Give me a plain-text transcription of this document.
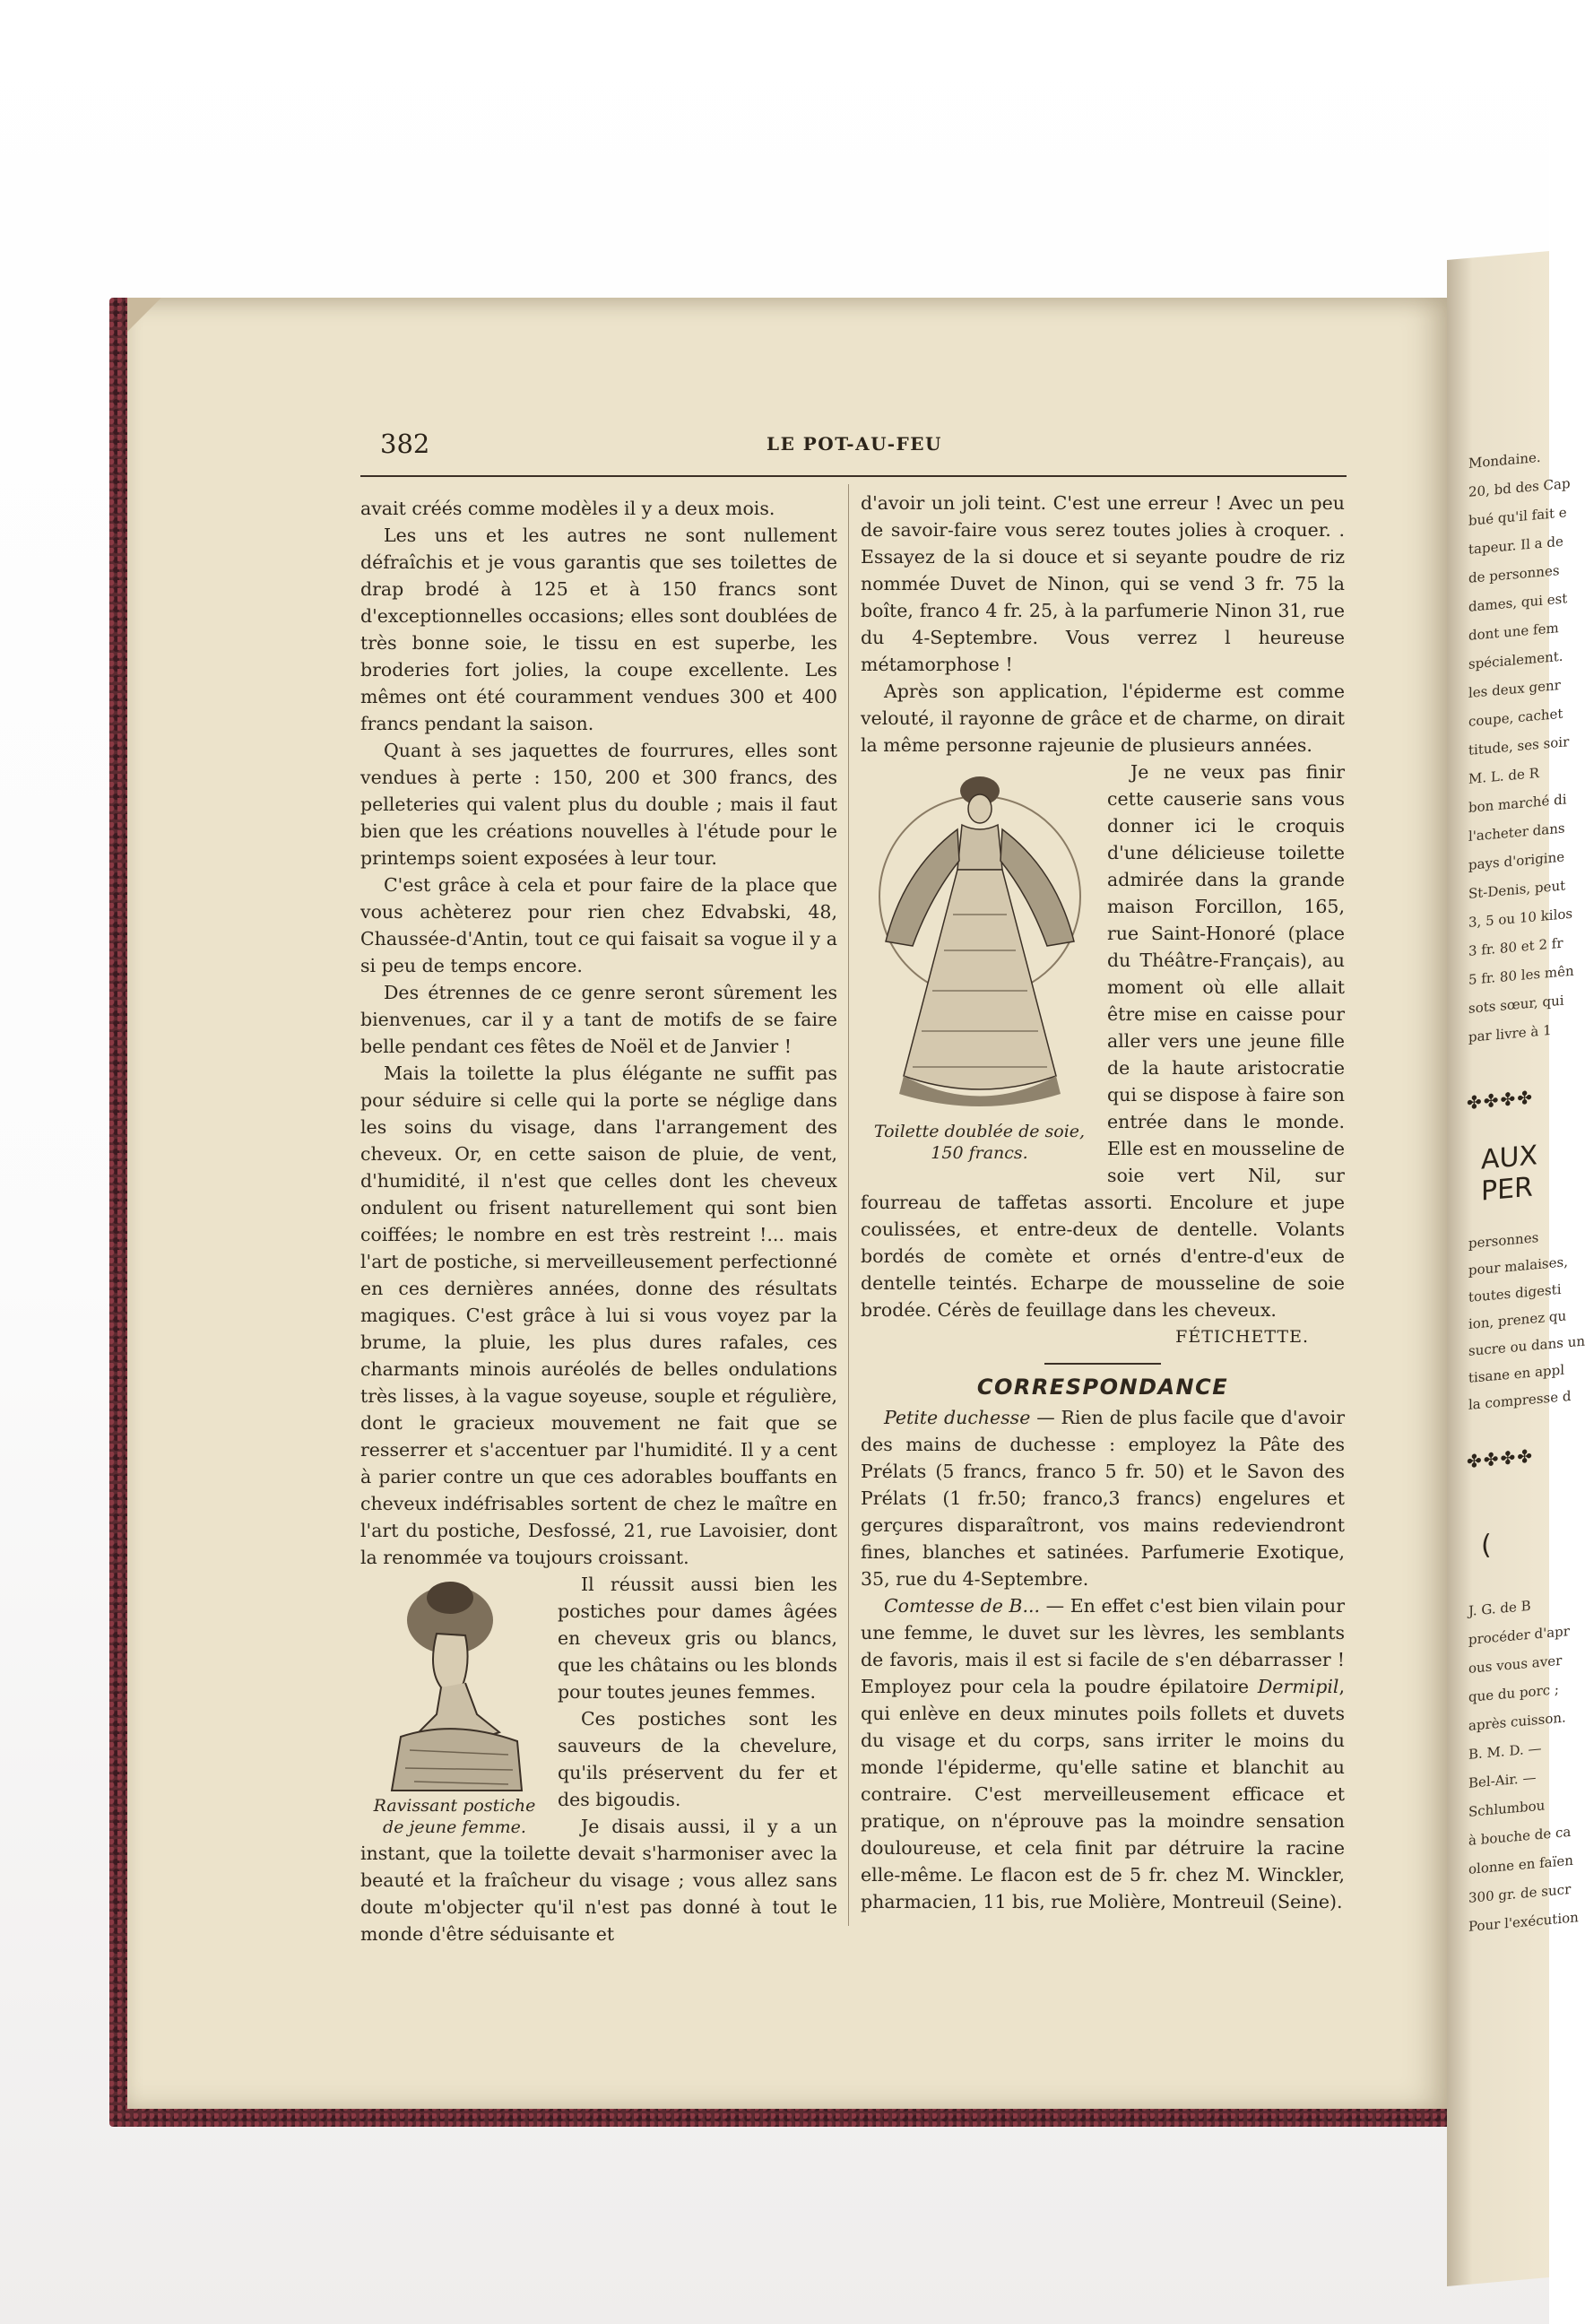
Mondaine.
20, bd des Cap
bué qu'il fait e
tapeur. Il a de
de personnes
dames, qui est
dont une fem
spécialement.
les deux genr
coupe, cachet
titude, ses soir
M. L. de R
bon marché di
l'acheter dans
pays d'origine
St-Denis, peut
3, 5 ou 10 kilos
3 fr. 80 et 2 fr
5 fr. 80 les mên
sots sœur, qui
par livre à 1
✤✤✤✤
AUX PER
personnes
pour malaises,
toutes digesti
ion, prenez qu
sucre ou dans un
tisane en appl
la compresse d
✤✤✤✤
(
J. G. de B
procéder d'apr
ous vous aver
que du porc ;
après cuisson.
B. M. D. —
Bel-Air. —
Schlumbou
à bouche de ca
olonne en faïen
300 gr. de sucr
Pour l'exécution
382	LE POT-AU-FEU

avait créés comme modèles il y a deux mois.

Les uns et les autres ne sont nullement défraîchis et je vous garantis que ses toilettes de drap brodé à 125 et à 150 francs sont d'exceptionnelles occasions; elles sont doublées de très bonne soie, le tissu en est superbe, les broderies fort jolies, la coupe excellente. Les mêmes ont été couramment vendues 300 et 400 francs pendant la saison.

Quant à ses jaquettes de fourrures, elles sont vendues à perte : 150, 200 et 300 francs, des pelleteries qui valent plus du double ; mais il faut bien que les créations nouvelles à l'étude pour le printemps soient exposées à leur tour.

C'est grâce à cela et pour faire de la place que vous achèterez pour rien chez Edvabski, 48, Chaussée-d'Antin, tout ce qui faisait sa vogue il y a si peu de temps encore.

Des étrennes de ce genre seront sûrement les bienvenues, car il y a tant de motifs de se faire belle pendant ces fêtes de Noël et de Janvier !

Mais la toilette la plus élégante ne suffit pas pour séduire si celle qui la porte se néglige dans les soins du visage, dans l'arrangement des cheveux. Or, en cette saison de pluie, de vent, d'humidité, il n'est que celles dont les cheveux ondulent ou frisent naturellement qui sont bien coiffées; le nombre en est très restreint !... mais l'art de postiche, si merveilleusement perfectionné en ces dernières années, donne des résultats magiques. C'est grâce à lui si vous voyez par la brume, la pluie, les plus dures rafales, ces charmants minois auréolés de belles ondulations très lisses, à la vague soyeuse, souple et régulière, dont le gracieux mouvement ne fait que se resserrer et s'accentuer par l'humidité. Il y a cent à parier contre un que ces adorables bouffants en cheveux indéfrisables sortent de chez le maître en l'art du postiche, Desfossé, 21, rue Lavoisier, dont la renommée va toujours croissant.

Ravissant postiche de jeune femme.

Il réussit aussi bien les postiches pour dames âgées en cheveux gris ou blancs, que les châtains ou les blonds pour toutes jeunes femmes.

Ces postiches sont les sauveurs de la chevelure, qu'ils préservent du fer et des bigoudis.

Je disais aussi, il y a un instant, que la toilette devait s'harmoniser avec la beauté et la fraîcheur du visage ; vous allez sans doute m'objecter qu'il n'est pas donné à tout le monde d'être séduisante et

d'avoir un joli teint. C'est une erreur ! Avec un peu de savoir-faire vous serez toutes jolies à croquer. . Essayez de la si douce et si seyante poudre de riz nommée Duvet de Ninon, qui se vend 3 fr. 75 la boîte, franco 4 fr. 25, à la parfumerie Ninon 31, rue du 4-Septembre. Vous verrez l heureuse métamorphose !

Après son application, l'épiderme est comme velouté, il rayonne de grâce et de charme, on dirait la même personne rajeunie de plusieurs années.

Toilette doublée de soie, 150 francs.

Je ne veux pas finir cette causerie sans vous donner ici le croquis d'une délicieuse toilette admirée dans la grande maison Forcillon, 165, rue Saint-Honoré (place du Théâtre-Français), au moment où elle allait être mise en caisse pour aller vers une jeune fille de la haute aristocratie qui se dispose à faire son entrée dans le monde. Elle est en mousseline de soie vert Nil, sur fourreau de taffetas assorti. Encolure et jupe coulissées, et entre-deux de dentelle. Volants bordés de comète et ornés d'entre-d'eux de dentelle teintés. Echarpe de mousseline de soie brodée. Cérès de feuillage dans les cheveux.

FÉTICHETTE.
CORRESPONDANCE

Petite duchesse — Rien de plus facile que d'avoir des mains de duchesse : employez la Pâte des Prélats (5 francs, franco 5 fr. 50) et le Savon des Prélats (1 fr.50; franco,3 francs) engelures et gerçures disparaîtront, vos mains redeviendront fines, blanches et satinées. Parfumerie Exotique, 35, rue du 4-Septembre.

Comtesse de B... — En effet c'est bien vilain pour une femme, le duvet sur les lèvres, les semblants de favoris, mais il est si facile de s'en débarrasser ! Employez pour cela la poudre épilatoire Dermipil, qui enlève en deux minutes poils follets et duvets du visage et du corps, sans irriter le moins du monde l'épiderme, qu'elle satine et blanchit au contraire. C'est merveilleusement efficace et pratique, on n'éprouve pas la moindre sensation douloureuse, et cela finit par détruire la racine elle-même. Le flacon est de 5 fr. chez M. Winckler, pharmacien, 11 bis, rue Molière, Montreuil (Seine).
